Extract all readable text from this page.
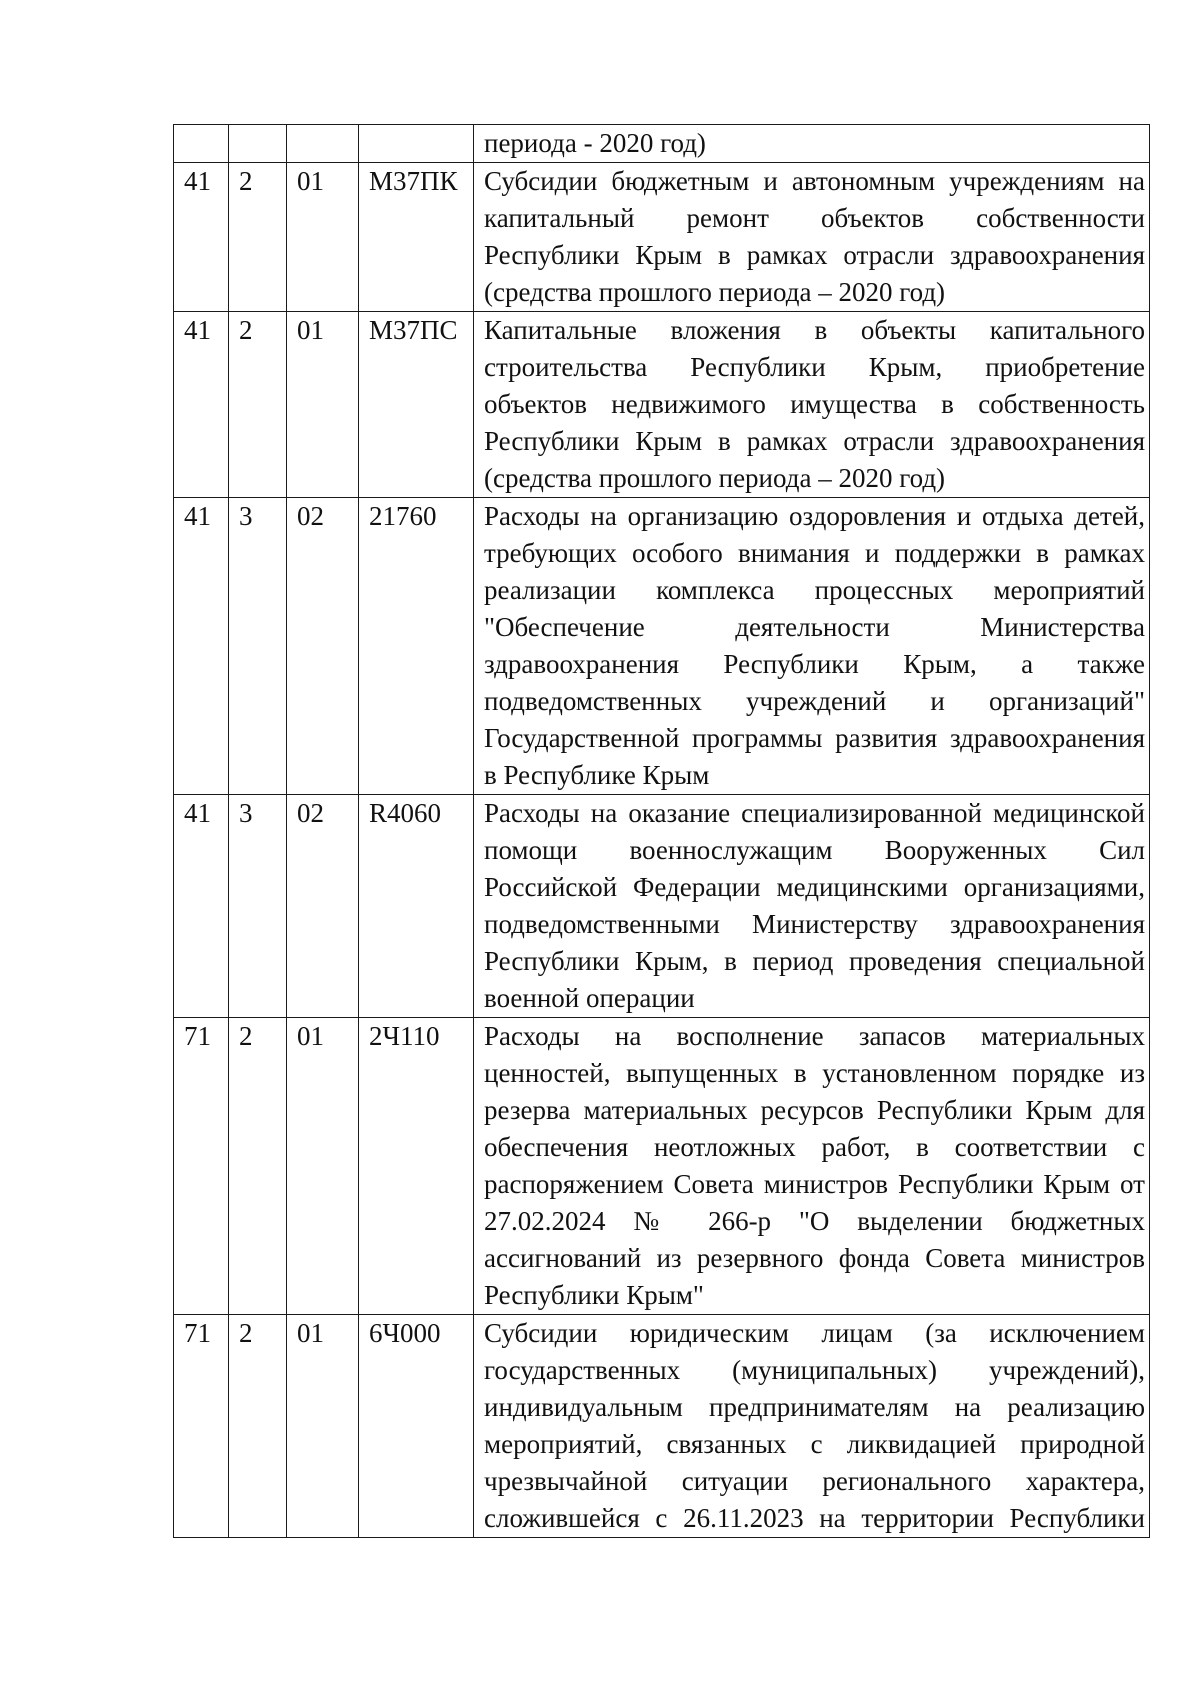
				периода - 2020 год)
41	2	01	М37ПК	Субсидии бюджетным и автономным учреждениям на капитальный ремонт объектов собственности Республики Крым в рамках отрасли здравоохранения (средства прошлого периода – 2020 год)
41	2	01	М37ПС	Капитальные вложения в объекты капитального строительства Республики Крым, приобретение объектов недвижимого имущества в собственность Республики Крым в рамках отрасли здравоохранения (средства прошлого периода – 2020 год)
41	3	02	21760	Расходы на организацию оздоровления и отдыха детей, требующих особого внимания и поддержки в рамках реализации комплекса процессных мероприятий "Обеспечение деятельности Министерства здравоохранения Республики Крым, а также подведомственных учреждений и организаций" Государственной программы развития здравоохранения в Республике Крым
41	3	02	R4060	Расходы на оказание специализированной медицинской помощи военнослужащим Вооруженных Сил Российской Федерации медицинскими организациями, подведомственными Министерству здравоохранения Республики Крым, в период проведения специальной военной операции
71	2	01	2Ч110	Расходы на восполнение запасов материальных ценностей, выпущенных в установленном порядке из резерва материальных ресурсов Республики Крым для обеспечения неотложных работ, в соответствии с распоряжением Совета министров Республики Крым от 27.02.2024 № 266-р "О выделении бюджетных ассигнований из резервного фонда Совета министров Республики Крым"
71	2	01	6Ч000	Субсидии юридическим лицам (за исключением государственных (муниципальных) учреждений), индивидуальным предпринимателям на реализацию мероприятий, связанных с ликвидацией природной чрезвычайной ситуации регионального характера, сложившейся с 26.11.2023 на территории Республики
